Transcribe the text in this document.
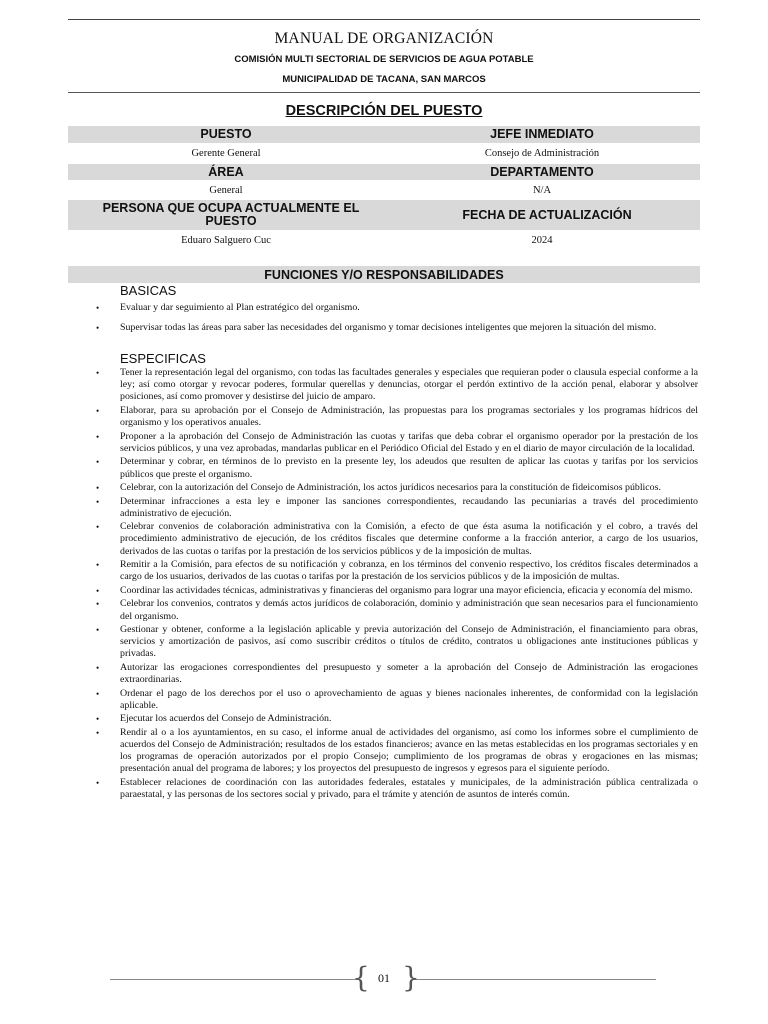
MANUAL DE ORGANIZACIÓN
COMISIÓN MULTI SECTORIAL DE SERVICIOS DE AGUA POTABLE
MUNICIPALIDAD DE TACANA, SAN MARCOS
DESCRIPCIÓN DEL PUESTO
PUESTO	JEFE INMEDIATO
Gerente General	Consejo de Administración
ÁREA	DEPARTAMENTO
General	N/A
PERSONA QUE OCUPA ACTUALMENTE EL PUESTO	FECHA DE ACTUALIZACIÓN
Eduaro Salguero Cuc	2024
FUNCIONES Y/O RESPONSABILIDADES
BASICAS
• Evaluar y dar seguimiento al Plan estratégico del organismo.
• Supervisar todas las áreas para saber las necesidades del organismo y tomar decisiones inteligentes que mejoren la situación del mismo.
ESPECIFICAS
• Tener la representación legal del organismo, con todas las facultades generales y especiales que requieran poder o clausula especial conforme a la ley; así como otorgar y revocar poderes, formular querellas y denuncias, otorgar el perdón extintivo de la acción penal, elaborar y absolver posiciones, así como promover y desistirse del juicio de amparo.
• Elaborar, para su aprobación por el Consejo de Administración, las propuestas para los programas sectoriales y los programas hídricos del organismo y los operativos anuales.
• Proponer a la aprobación del Consejo de Administración las cuotas y tarifas que deba cobrar el organismo operador por la prestación de los servicios públicos, y una vez aprobadas, mandarlas publicar en el Periódico Oficial del Estado y en el diario de mayor circulación de la localidad.
• Determinar y cobrar, en términos de lo previsto en la presente ley, los adeudos que resulten de aplicar las cuotas y tarifas por los servicios públicos que preste el organismo.
• Celebrar, con la autorización del Consejo de Administración, los actos jurídicos necesarios para la constitución de fideicomisos públicos.
• Determinar infracciones a esta ley e imponer las sanciones correspondientes, recaudando las pecuniarias a través del procedimiento administrativo de ejecución.
• Celebrar convenios de colaboración administrativa con la Comisión, a efecto de que ésta asuma la notificación y el cobro, a través del procedimiento administrativo de ejecución, de los créditos fiscales que determine conforme a la fracción anterior, a cargo de los usuarios, derivados de las cuotas o tarifas por la prestación de los servicios públicos y de la imposición de multas.
• Remitir a la Comisión, para efectos de su notificación y cobranza, en los términos del convenio respectivo, los créditos fiscales determinados a cargo de los usuarios, derivados de las cuotas o tarifas por la prestación de los servicios públicos y de la imposición de multas.
• Coordinar las actividades técnicas, administrativas y financieras del organismo para lograr una mayor eficiencia, eficacia y economía del mismo.
• Celebrar los convenios, contratos y demás actos jurídicos de colaboración, dominio y administración que sean necesarios para el funcionamiento del organismo.
• Gestionar y obtener, conforme a la legislación aplicable y previa autorización del Consejo de Administración, el financiamiento para obras, servicios y amortización de pasivos, así como suscribir créditos o títulos de crédito, contratos u obligaciones ante instituciones públicas y privadas.
• Autorizar las erogaciones correspondientes del presupuesto y someter a la aprobación del Consejo de Administración las erogaciones extraordinarias.
• Ordenar el pago de los derechos por el uso o aprovechamiento de aguas y bienes nacionales inherentes, de conformidad con la legislación aplicable.
• Ejecutar los acuerdos del Consejo de Administración.
• Rendir al o a los ayuntamientos, en su caso, el informe anual de actividades del organismo, así como los informes sobre el cumplimiento de acuerdos del Consejo de Administración; resultados de los estados financieros; avance en las metas establecidas en los programas sectoriales y en los programas de operación autorizados por el propio Consejo; cumplimiento de los programas de obras y erogaciones en las mismas; presentación anual del programa de labores; y los proyectos del presupuesto de ingresos y egresos para el siguiente período.
• Establecer relaciones de coordinación con las autoridades federales, estatales y municipales, de la administración pública centralizada o paraestatal, y las personas de los sectores social y privado, para el trámite y atención de asuntos de interés común.
{ }
01
